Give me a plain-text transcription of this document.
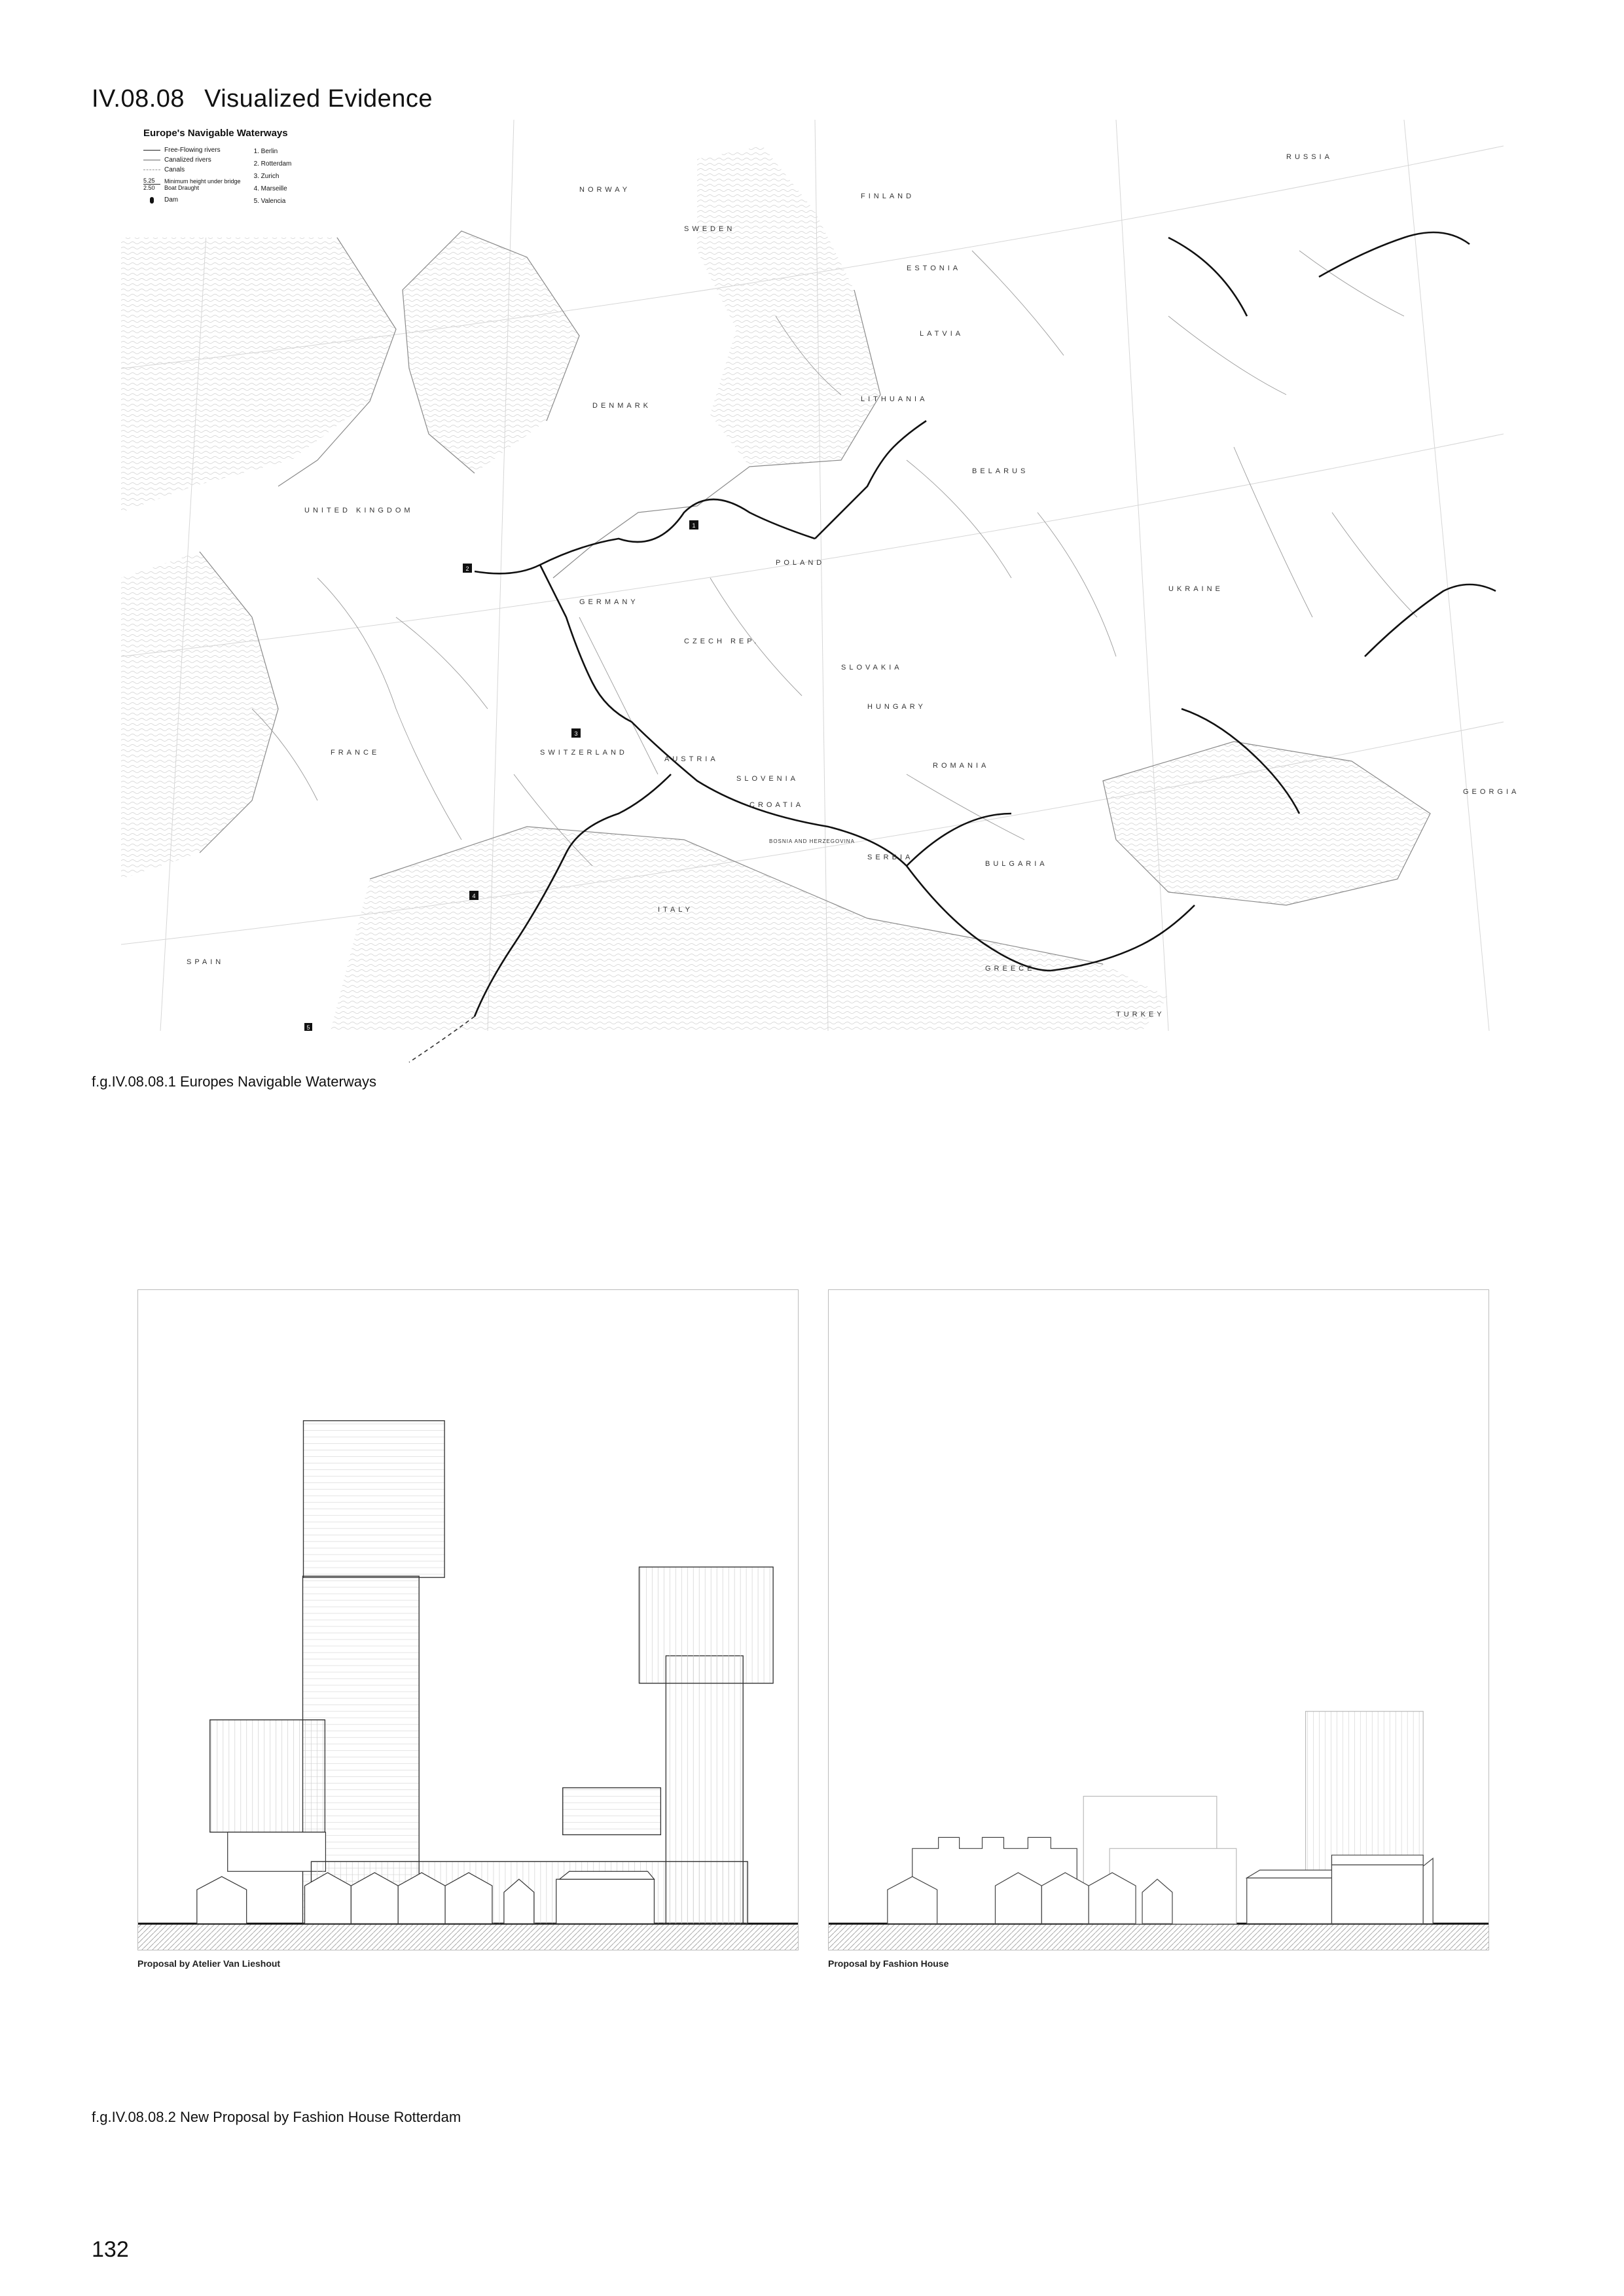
IV.08.08 Visualized Evidence
1
2
3
4
5
NORWAY
SWEDEN
FINLAND
ESTONIA
LATVIA
LITHUANIA
DENMARK
UNITED KINGDOM
BELARUS
POLAND
GERMANY
CZECH REP.
SLOVAKIA
UKRAINE
RUSSIA
FRANCE	SWITZERLAND
AUSTRIA
HUNGARY
ROMANIA
SLOVENIA
CROATIA
BOSNIA AND HERZEGOVINA
SERBIA
BULGARIA
ITALY
SPAIN
GREECE
TURKEY
GEORGIA
Europe's Navigable Waterways
Free-Flowing rivers
Canalized rivers
Canals
5.25
2.50
Minimum height under bridge
Boat Draught
Dam
1. Berlin
2. Rotterdam
3. Zurich
4. Marseille
5. Valencia
f.g.IV.08.08.1 Europes Navigable Waterways
Proposal by Atelier Van Lieshout	Proposal by Fashion House
f.g.IV.08.08.2 New Proposal by Fashion House Rotterdam
132
